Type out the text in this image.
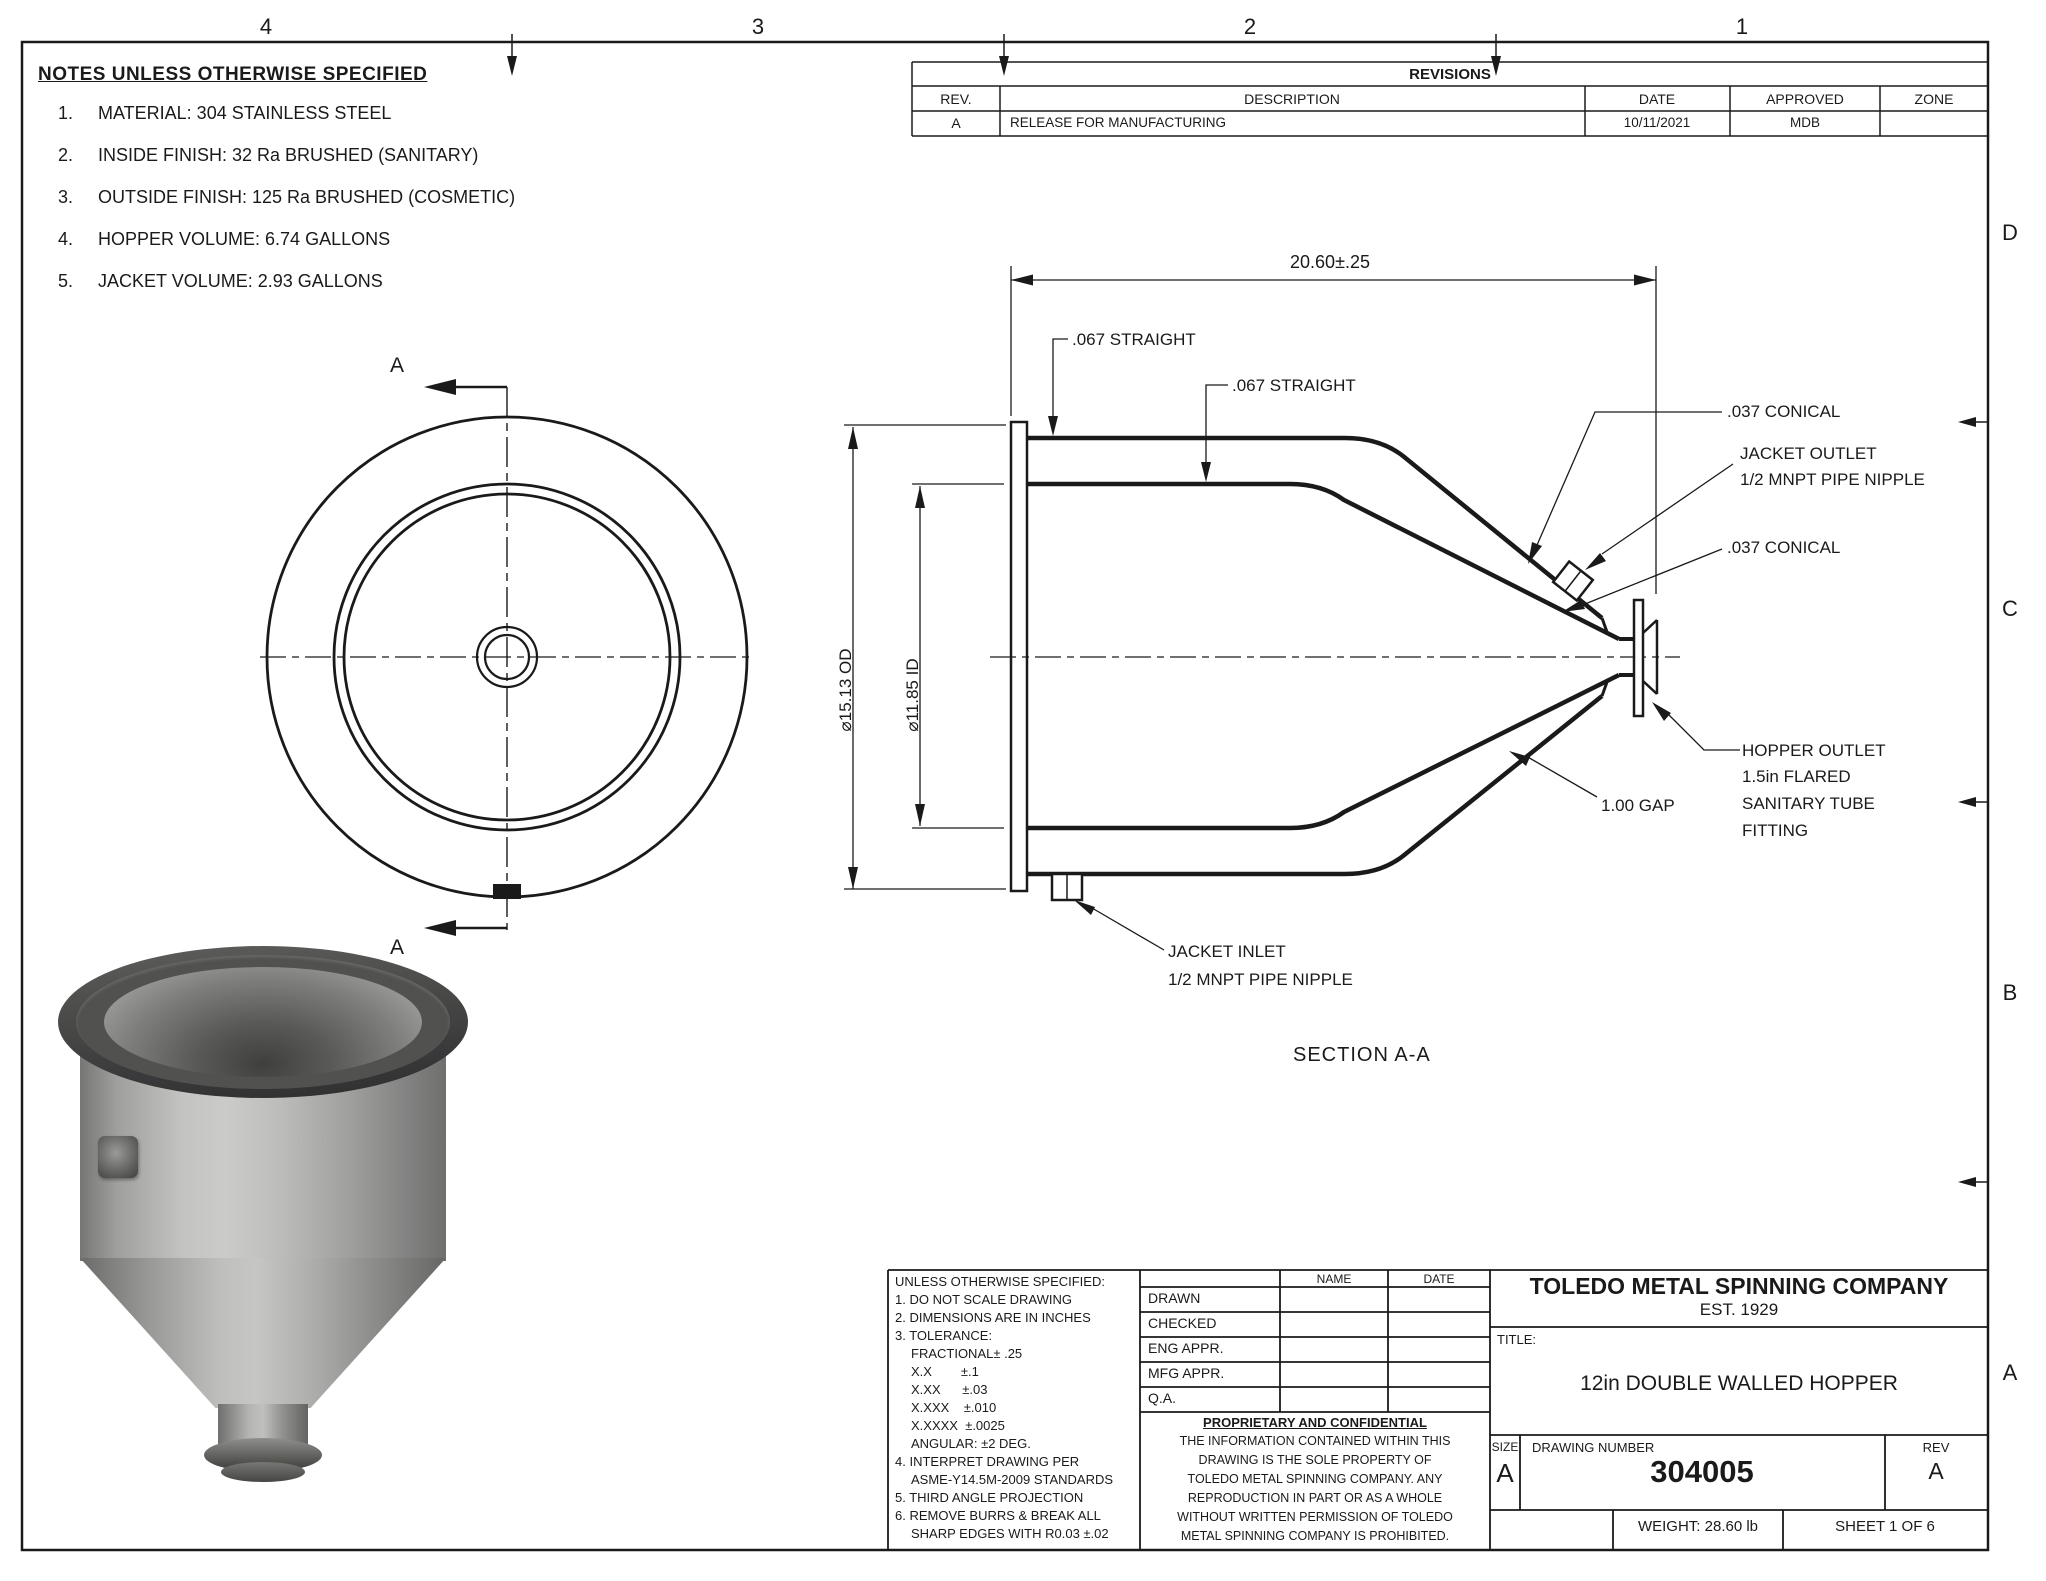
4	3	2	1
D
C
B
A
NOTES UNLESS OTHERWISE SPECIFIED
1.	MATERIAL: 304 STAINLESS STEEL
2.	INSIDE FINISH: 32 Ra BRUSHED (SANITARY)
3.	OUTSIDE FINISH: 125 Ra BRUSHED (COSMETIC)
4.	HOPPER VOLUME: 6.74 GALLONS
5.	JACKET VOLUME: 2.93 GALLONS
REVISIONS
REV.	DESCRIPTION	DATE	APPROVED	ZONE
A	RELEASE FOR MANUFACTURING	10/11/2021	MDB
A
A
20.60±.25
.067 STRAIGHT
.067 STRAIGHT
.037 CONICAL
JACKET OUTLET
1/2 MNPT PIPE NIPPLE
.037 CONICAL
⌀15.13 OD	⌀11.85 ID
HOPPER OUTLET
1.5in FLARED
SANITARY TUBE
FITTING
1.00 GAP
JACKET INLET
1/2 MNPT PIPE NIPPLE
SECTION A-A
UNLESS OTHERWISE SPECIFIED:
1. DO NOT SCALE DRAWING
2. DIMENSIONS ARE IN INCHES
3. TOLERANCE:
FRACTIONAL± .25
X.X        ±.1
X.XX      ±.03
X.XXX    ±.010
X.XXXX  ±.0025
ANGULAR: ±2 DEG.
4. INTERPRET DRAWING PER
ASME-Y14.5M-2009 STANDARDS
5. THIRD ANGLE PROJECTION
6. REMOVE BURRS & BREAK ALL
SHARP EDGES WITH R0.03 ±.02
NAME	DATE
DRAWN
CHECKED
ENG APPR.
MFG APPR.
Q.A.
PROPRIETARY AND CONFIDENTIAL
THE INFORMATION CONTAINED WITHIN THIS
DRAWING IS THE SOLE PROPERTY OF
TOLEDO METAL SPINNING COMPANY. ANY
REPRODUCTION IN PART OR AS A WHOLE
WITHOUT WRITTEN PERMISSION OF TOLEDO
METAL SPINNING COMPANY IS PROHIBITED.
TOLEDO METAL SPINNING COMPANY
EST. 1929
TITLE:
12in DOUBLE WALLED HOPPER
SIZE
A
DRAWING NUMBER
304005
REV
A
WEIGHT: 28.60 lb	SHEET 1 OF 6
